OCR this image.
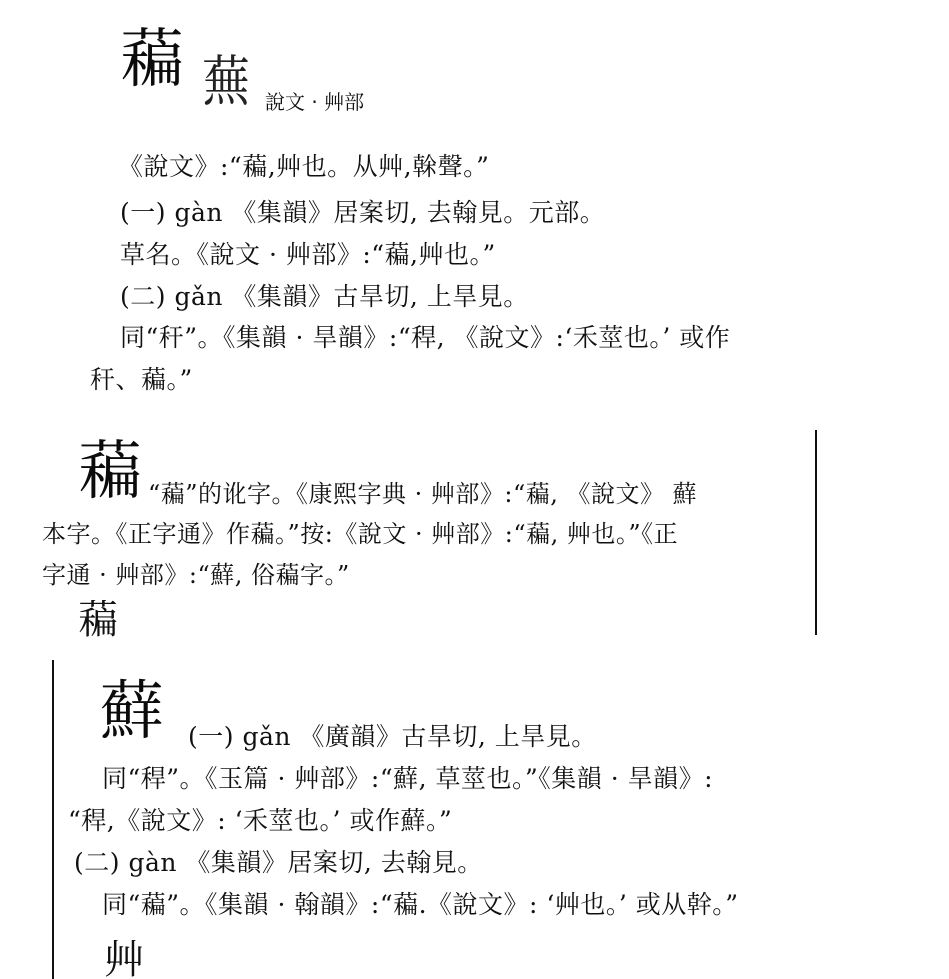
藊 蕪 說文 · 艸部
《說文》:“藊,艸也。从艸,榦聲。”
(一) gàn 《集韻》居案切, 去翰見。元部。
草名。《說文 · 艸部》:“藊,艸也。”
(二) gǎn 《集韻》古旱切, 上旱見。
同“秆”。《集韻 · 旱韻》:“稈, 《說文》:‘禾莖也。’ 或作
秆、藊。”
藊 “藊”的讹字。《康熙字典 · 艸部》:“藊, 《說文》 蘚
本字。《正字通》作藊。”按:《說文 · 艸部》:“藊, 艸也。”《正
字通 · 艸部》:“蘚, 俗藊字。”
藊
蘚 (一) gǎn 《廣韻》古旱切, 上旱見。
同“稈”。《玉篇 · 艸部》:“蘚, 草莖也。”《集韻 · 旱韻》:
“稈,《說文》: ‘禾莖也。’ 或作蘚。”
(二) gàn 《集韻》居案切, 去翰見。
同“藊”。《集韻 · 翰韻》:“藊.《說文》: ‘艸也。’ 或从幹。”
艸
